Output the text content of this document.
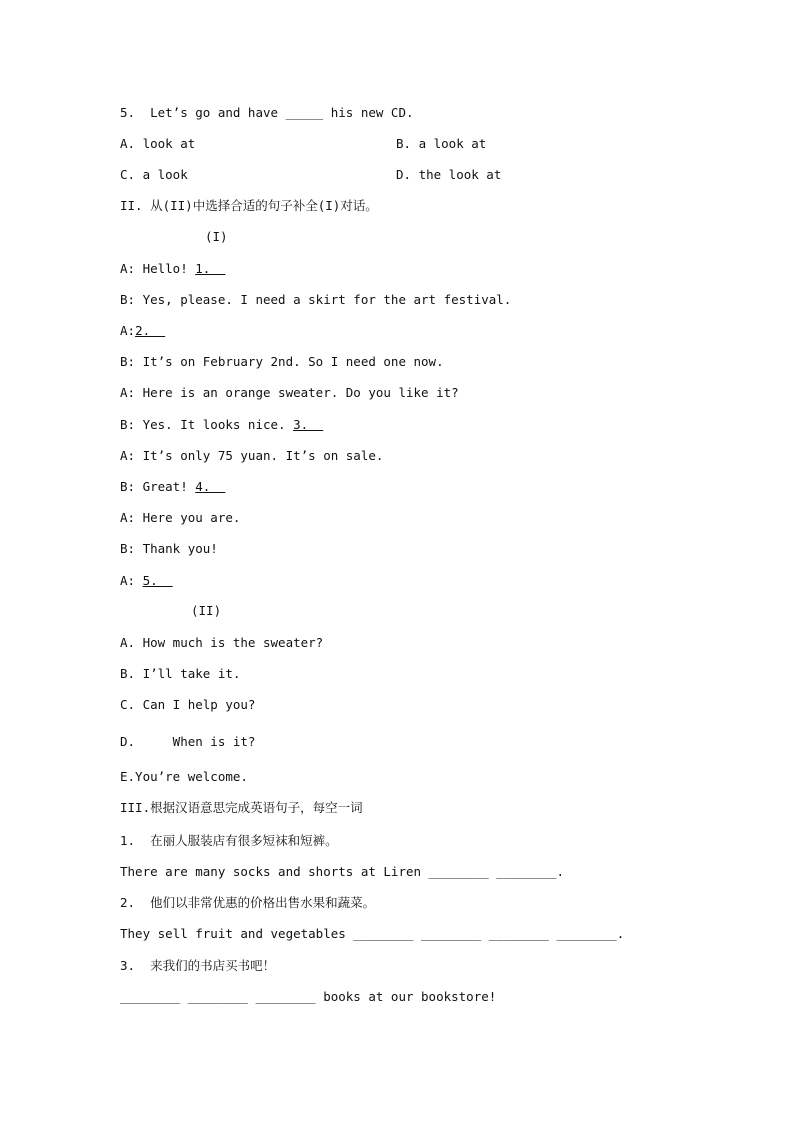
5.  Let’s go and have _____ his new CD.
A. look at	B. a look at
C. a look	D. the look at
II. 从(II)中选择合适的句子补全(I)对话。
(I)
A: Hello! 1.
B: Yes, please. I need a skirt for the art festival.
A:2.
B: It’s on February 2nd. So I need one now.
A: Here is an orange sweater. Do you like it?
B: Yes. It looks nice. 3.
A: It’s only 75 yuan. It’s on sale.
B: Great! 4.
A: Here you are.
B: Thank you!
A: 5.
(II)
A. How much is the sweater?
B. I’ll take it.
C. Can I help you?
D.     When is it?
E.You’re welcome.
III.根据汉语意思完成英语句子，每空一词
1.  在丽人服装店有很多短袜和短裤。
There are many socks and shorts at Liren ________ ________.
2.  他们以非常优惠的价格出售水果和蔬菜。
They sell fruit and vegetables ________ ________ ________ ________.
3.  来我们的书店买书吧！
________ ________ ________ books at our bookstore!
